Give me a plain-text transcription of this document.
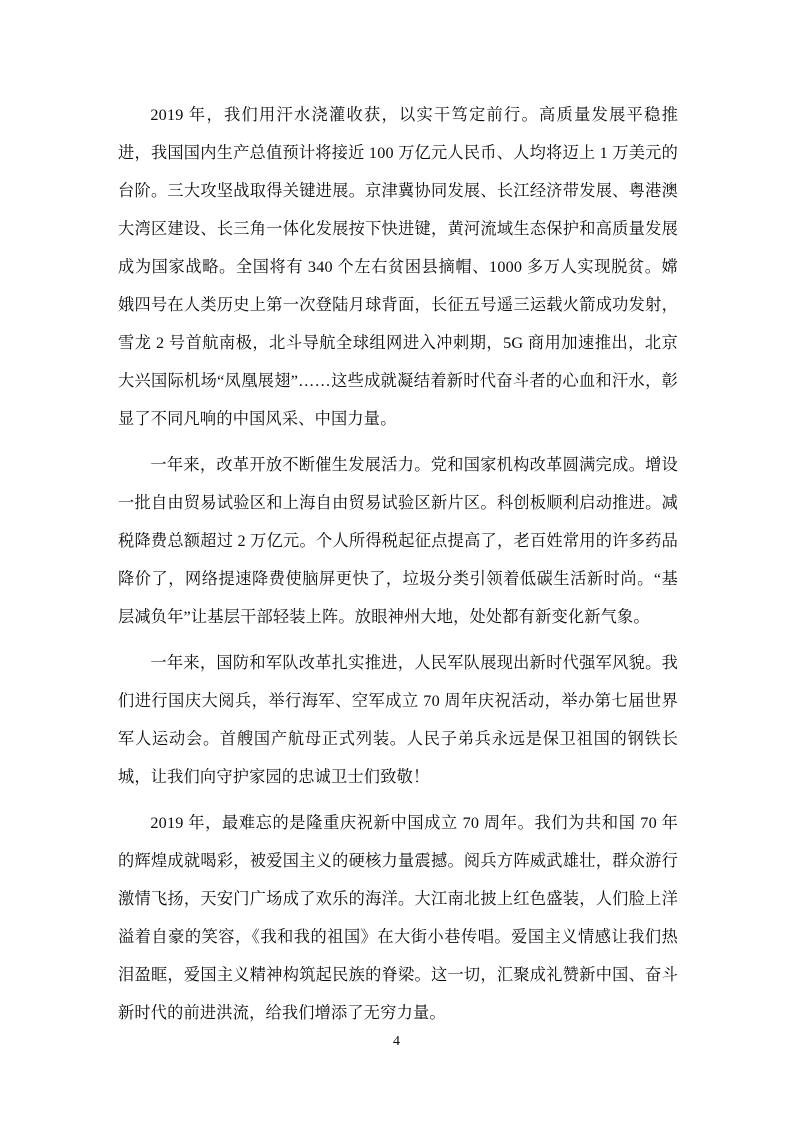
2019 年，我们用汗水浇灌收获，以实干笃定前行。高质量发展平稳推进，我国国内生产总值预计将接近 100 万亿元人民币、人均将迈上 1 万美元的台阶。三大攻坚战取得关键进展。京津冀协同发展、长江经济带发展、粤港澳大湾区建设、长三角一体化发展按下快进键，黄河流域生态保护和高质量发展成为国家战略。全国将有 340 个左右贫困县摘帽、1000 多万人实现脱贫。嫦娥四号在人类历史上第一次登陆月球背面，长征五号遥三运载火箭成功发射，雪龙 2 号首航南极，北斗导航全球组网进入冲刺期，5G 商用加速推出，北京大兴国际机场“凤凰展翅”……这些成就凝结着新时代奋斗者的心血和汗水，彰显了不同凡响的中国风采、中国力量。

一年来，改革开放不断催生发展活力。党和国家机构改革圆满完成。增设一批自由贸易试验区和上海自由贸易试验区新片区。科创板顺利启动推进。减税降费总额超过 2 万亿元。个人所得税起征点提高了，老百姓常用的许多药品降价了，网络提速降费使脑屏更快了，垃圾分类引领着低碳生活新时尚。“基层减负年”让基层干部轻装上阵。放眼神州大地，处处都有新变化新气象。

一年来，国防和军队改革扎实推进，人民军队展现出新时代强军风貌。我们进行国庆大阅兵，举行海军、空军成立 70 周年庆祝活动，举办第七届世界军人运动会。首艘国产航母正式列装。人民子弟兵永远是保卫祖国的钢铁长城，让我们向守护家园的忠诚卫士们致敬！

2019 年，最难忘的是隆重庆祝新中国成立 70 周年。我们为共和国 70 年的辉煌成就喝彩，被爱国主义的硬核力量震撼。阅兵方阵威武雄壮，群众游行激情飞扬，天安门广场成了欢乐的海洋。大江南北披上红色盛装，人们脸上洋溢着自豪的笑容，《我和我的祖国》在大街小巷传唱。爱国主义情感让我们热泪盈眶，爱国主义精神构筑起民族的脊梁。这一切，汇聚成礼赞新中国、奋斗新时代的前进洪流，给我们增添了无穷力量。

4
